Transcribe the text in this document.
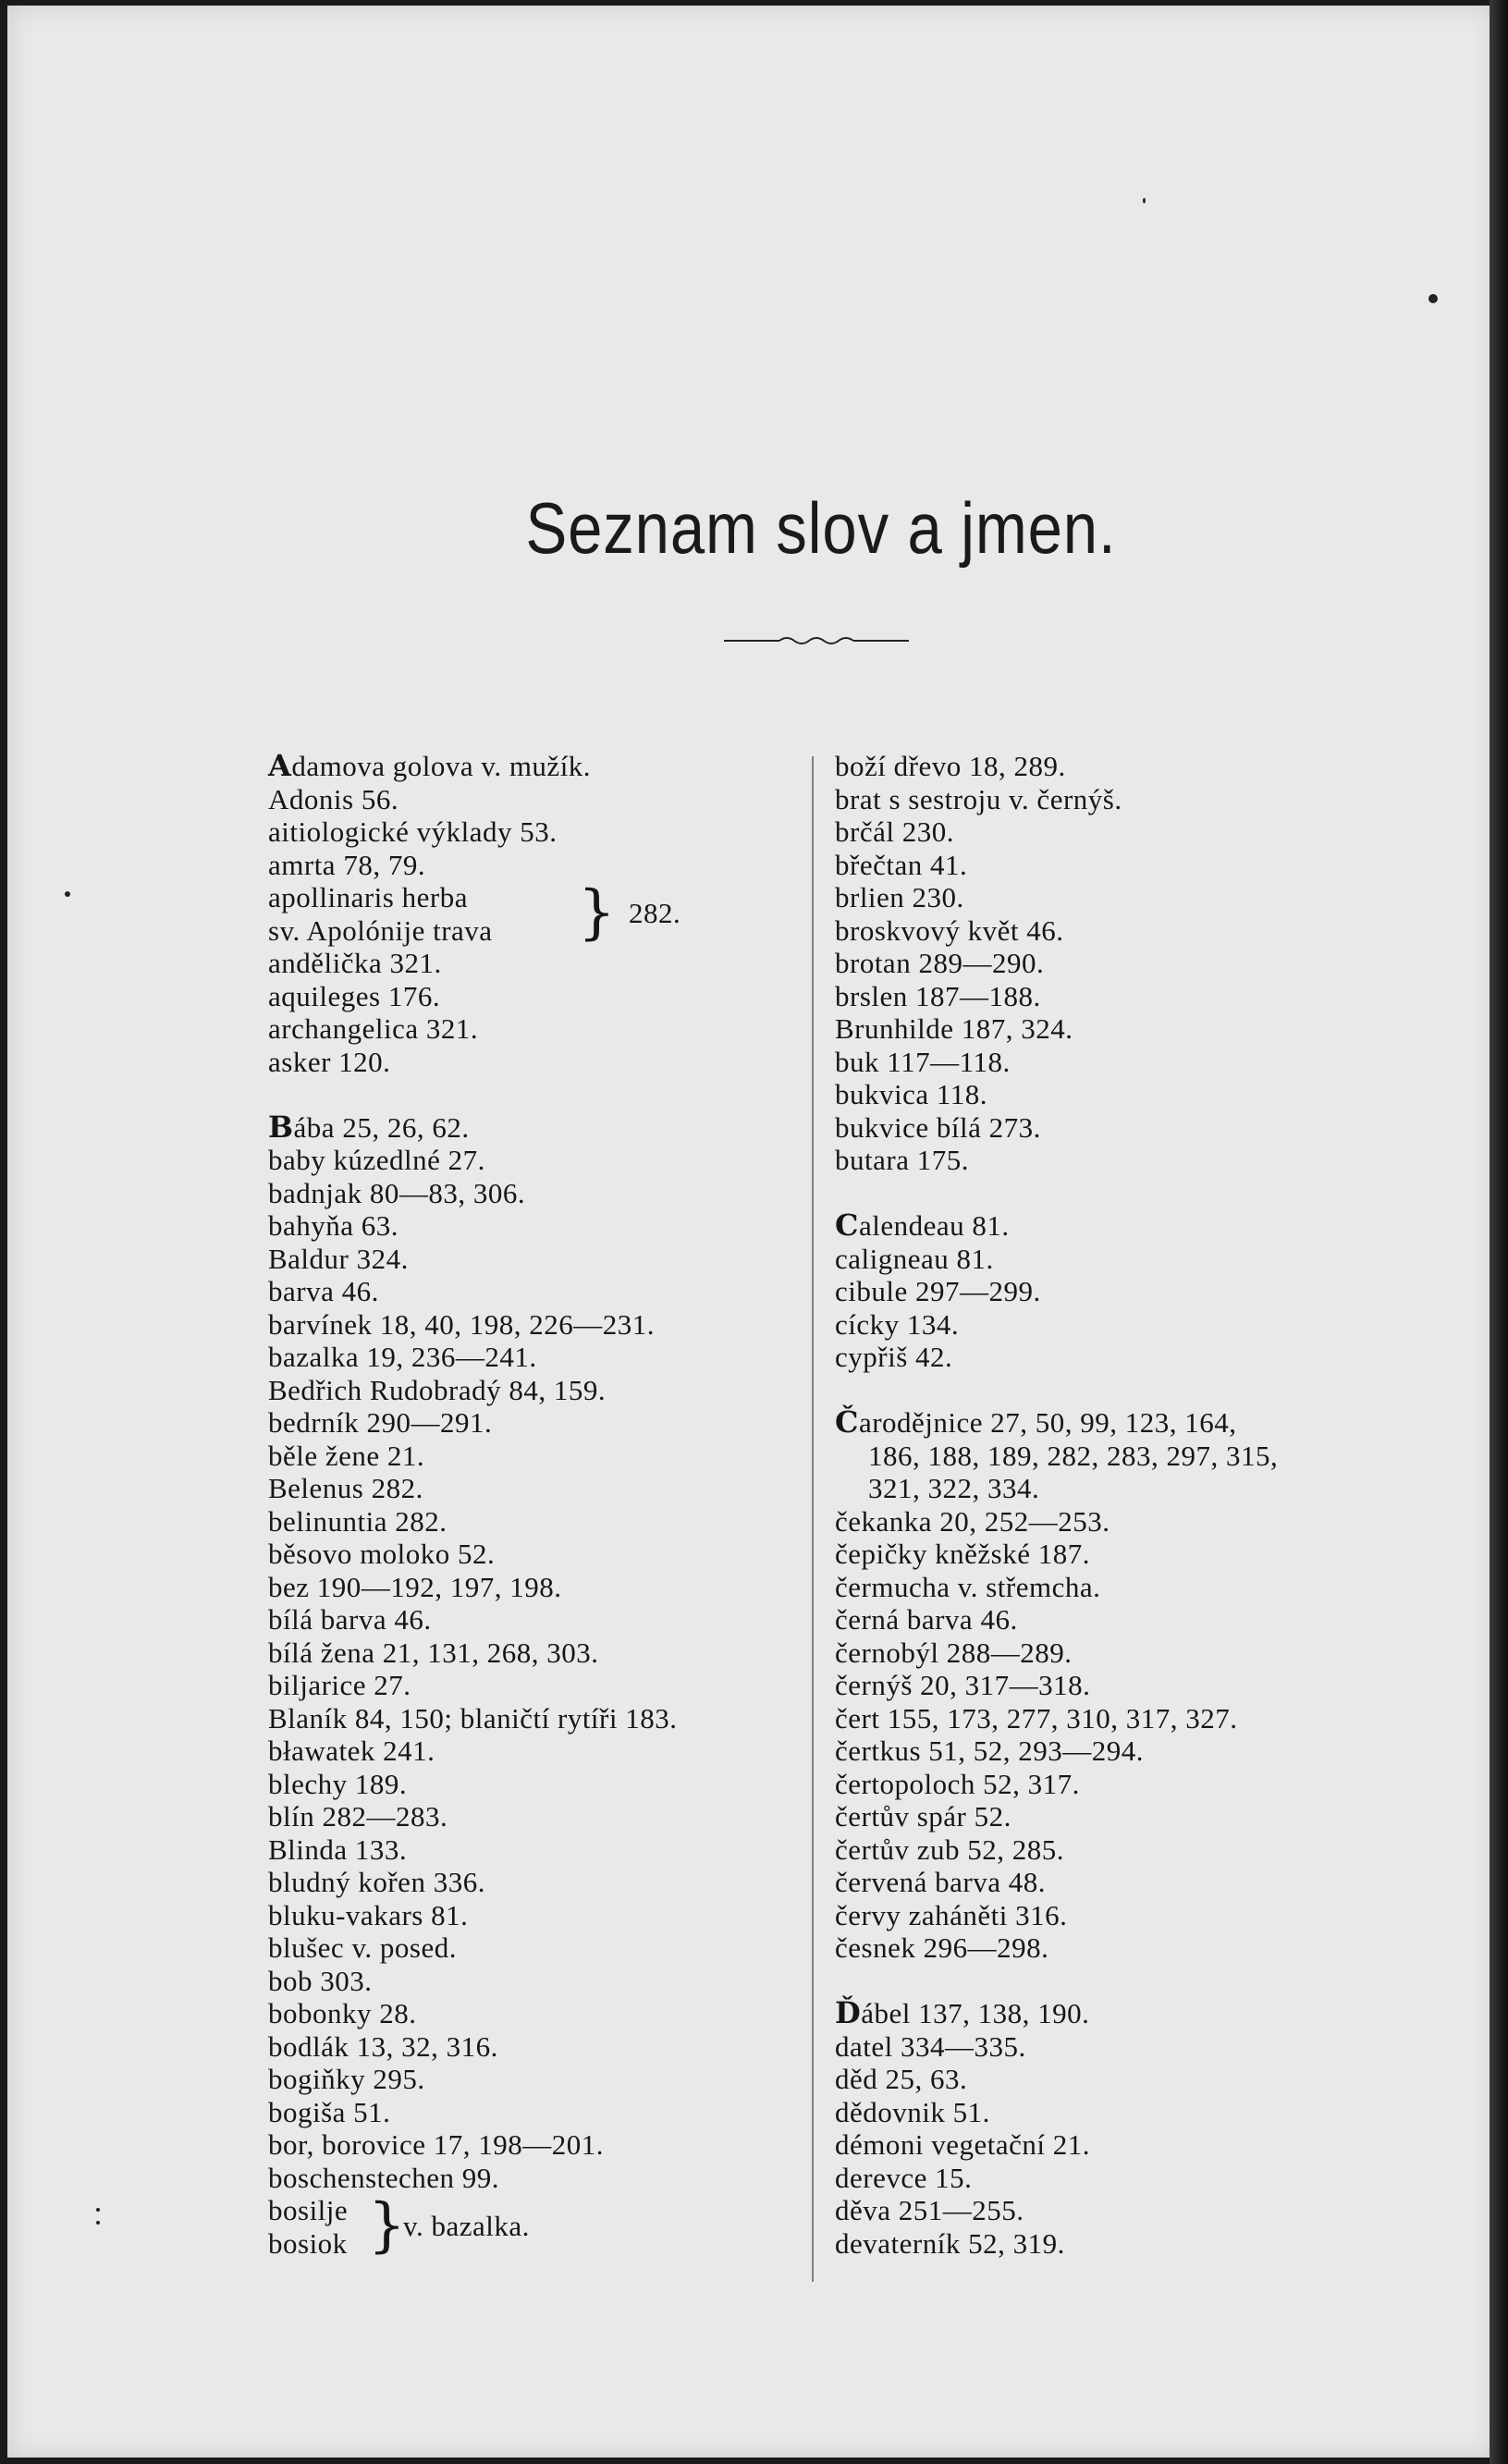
Seznam slov a jmen.
Adamova golova v. mužík.
Adonis 56.
aitiologické výklady 53.
amrta 78, 79.
apollinaris herba
sv. Apolónije trava } 282.
andělička 321.
aquileges 176.
archangelica 321.
asker 120.
Bába 25, 26, 62.
baby kúzedlné 27.
badnjak 80—83, 306.
bahyňa 63.
Baldur 324.
barva 46.
barvínek 18, 40, 198, 226—231.
bazalka 19, 236—241.
Bedřich Rudobradý 84, 159.
bedrník 290—291.
běle žene 21.
Belenus 282.
belinuntia 282.
běsovo moloko 52.
bez 190—192, 197, 198.
bílá barva 46.
bílá žena 21, 131, 268, 303.
biljarice 27.
Blaník 84, 150; blaničtí rytíři 183.
bławatek 241.
blechy 189.
blín 282—283.
Blinda 133.
bludný kořen 336.
bluku-vakars 81.
blušec v. posed.
bob 303.
bobonky 28.
bodlák 13, 32, 316.
bogiňky 295.
bogiša 51.
bor, borovice 17, 198—201.
boschenstechen 99.
bosilje
bosiok }
v. bazalka.
boží dřevo 18, 289.
brat s sestroju v. černýš.
brčál 230.
břečtan 41.
brlien 230.
broskvový květ 46.
brotan 289—290.
brslen 187—188.
Brunhilde 187, 324.
buk 117—118.
bukvica 118.
bukvice bílá 273.
butara 175.
Calendeau 81.
caligneau 81.
cibule 297—299.
cícky 134.
cypřiš 42.
Čarodějnice 27, 50, 99, 123, 164,
186, 188, 189, 282, 283, 297, 315,
321, 322, 334.
čekanka 20, 252—253.
čepičky kněžské 187.
čermucha v. střemcha.
černá barva 46.
černobýl 288—289.
černýš 20, 317—318.
čert 155, 173, 277, 310, 317, 327.
čertkus 51, 52, 293—294.
čertopoloch 52, 317.
čertův spár 52.
čertův zub 52, 285.
červená barva 48.
červy zaháněti 316.
česnek 296—298.
Ďábel 137, 138, 190.
datel 334—335.
děd 25, 63.
dědovnik 51.
démoni vegetační 21.
derevce 15.
děva 251—255.
devaterník 52, 319.
